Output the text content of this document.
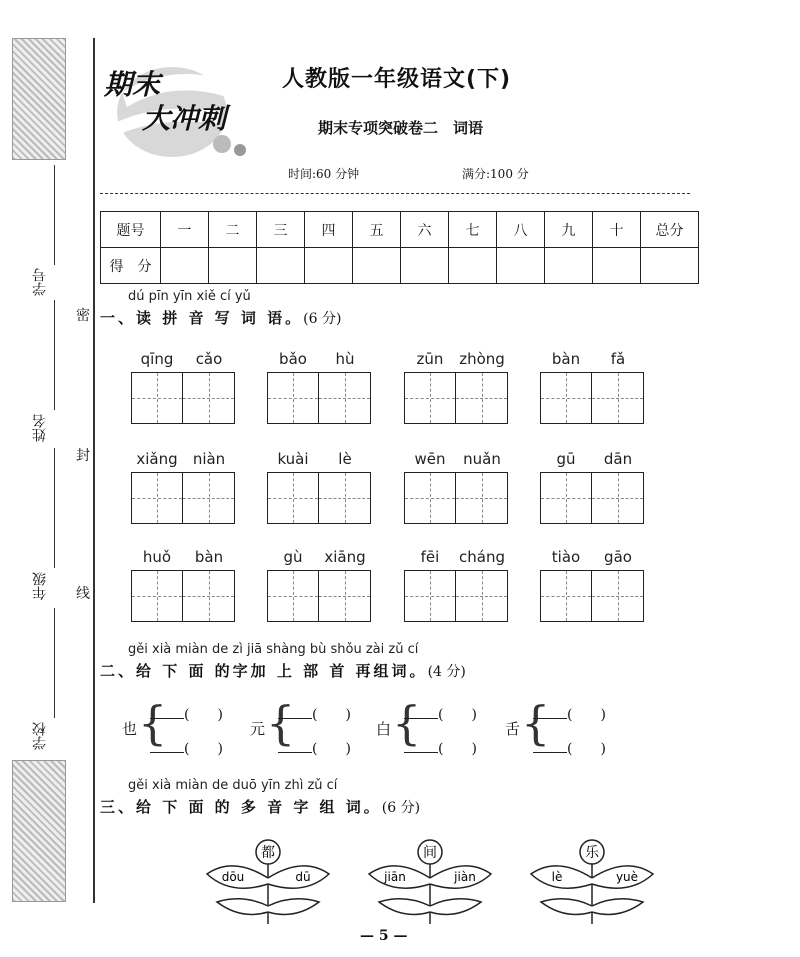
学号
姓名
年级
学校
密
封
线
期末
大冲刺
人教版一年级语文(下)
期末专项突破卷二　词语
时间:60 分钟	满分:100 分
题号	一	二	三	四	五	六	七	八	九	十	总分
得　分											
dú pīn yīn xiě cí yǔ
一、读 拼 音 写 词 语。(6 分)
qīng	cǎo	bǎo	hù	zūn	zhòng	bàn	fǎ
xiǎng	niàn	kuài	lè	wēn	nuǎn	gū	dān
huǒ	bàn	gù	xiāng	fēi	cháng	tiào	gāo
gěi xià miàn de zì jiā shàng bù shǒu zài zǔ cí
二、给 下 面 的字加 上 部 首 再组词。(4 分)
也 {	(　　)
(　　)
元 {	(　　)
(　　)
白 {	(　　)
(　　)
舌 {	(　　)
(　　)
gěi xià miàn de duō yīn zhì zǔ cí
三、给 下 面 的 多 音 字 组 词。(6 分)
都
dōu	dū
间
jiān	jiàn
乐
lè	yuè
— 5 —
